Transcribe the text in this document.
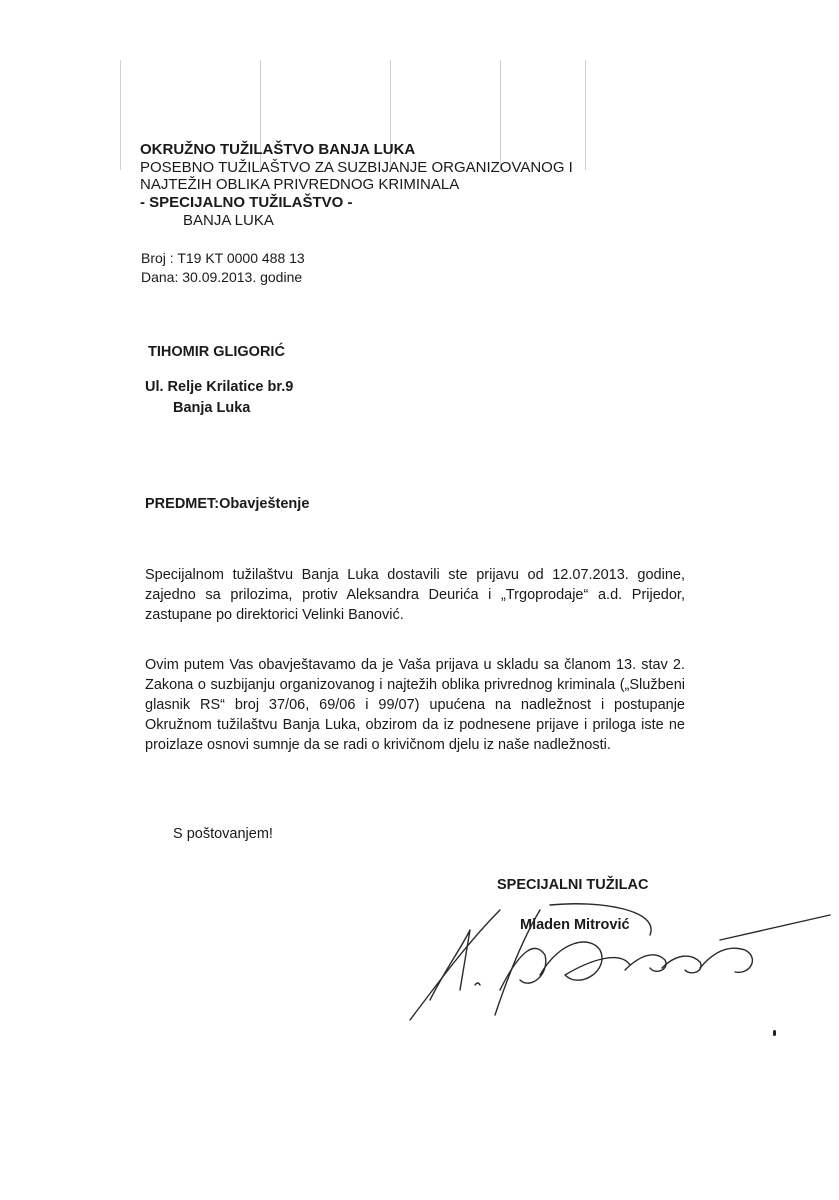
OKRUŽNO TUŽILAŠTVO BANJA LUKA
POSEBNO TUŽILAŠTVO ZA SUZBIJANJE ORGANIZOVANOG I
NAJTEŽIH OBLIKA PRIVREDNOG KRIMINALA
- SPECIJALNO TUŽILAŠTVO -
BANJA LUKA
Broj : T19 KT 0000 488 13
Dana: 30.09.2013. godine
TIHOMIR GLIGORIĆ
Ul. Relje Krilatice br.9
Banja Luka
PREDMET:Obavještenje
Specijalnom tužilaštvu Banja Luka dostavili ste prijavu od 12.07.2013. godine, zajedno sa prilozima, protiv Aleksandra Deurića i „Trgoprodaje“ a.d. Prijedor, zastupane po direktorici Velinki Banović.
Ovim putem Vas obavještavamo da je Vaša prijava u skladu sa članom 13. stav 2. Zakona o suzbijanju organizovanog i najtežih oblika privrednog kriminala („Službeni glasnik RS“ broj 37/06, 69/06 i 99/07) upućena na nadležnost i postupanje Okružnom tužilaštvu Banja Luka, obzirom da iz podnesene prijave i priloga iste ne proizlaze osnovi sumnje da se radi o krivičnom djelu iz naše nadležnosti.
S poštovanjem!
SPECIJALNI TUŽILAC
Mladen Mitrović
